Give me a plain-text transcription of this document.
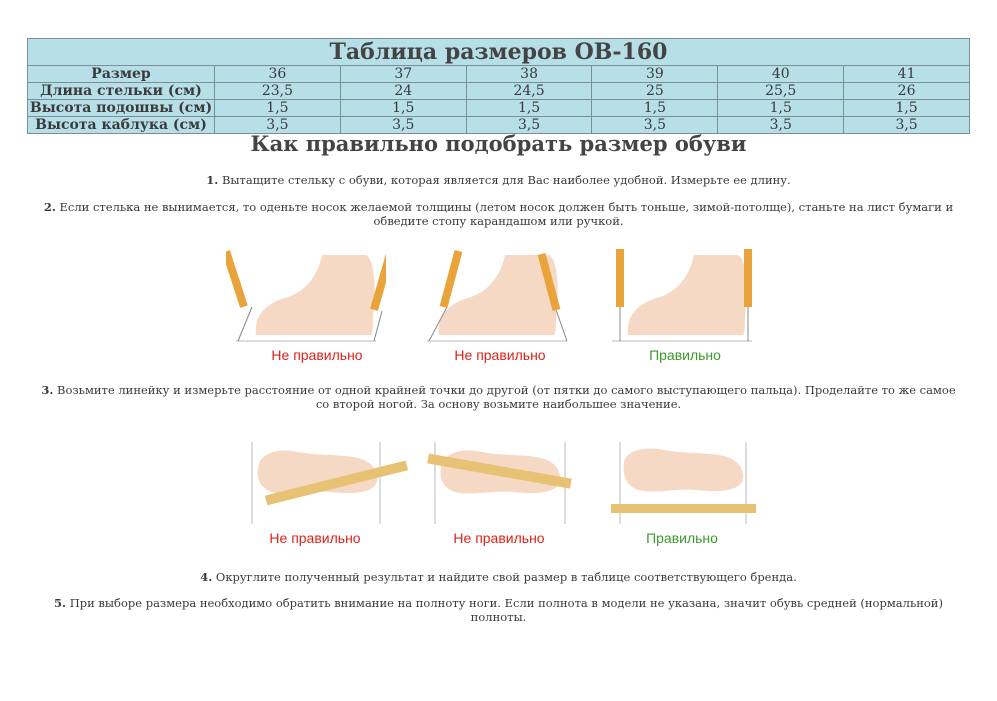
Таблица размеров ОВ-160						
Размер	36	37	38	39	40	41
Длина стельки (см)	23,5	24	24,5	25	25,5	26
Высота подошвы (см)	1,5	1,5	1,5	1,5	1,5	1,5
Высота каблука (см)	3,5	3,5	3,5	3,5	3,5	3,5
Как правильно подобрать размер обуви
1. Вытащите стельку с обуви, которая является для Вас наиболее удобной. Измерьте ее длину.
2. Если стелька не вынимается, то оденьте носок желаемой толщины (летом носок должен быть тоньше, зимой-потолще), станьте на лист бумаги и обведите стопу карандашом или ручкой.
Не правильно	Не правильно	Правильно
3. Возьмите линейку и измерьте расстояние от одной крайней точки до другой (от пятки до самого выступающего пальца). Проделайте то же самое со второй ногой. За основу возьмите наибольшее значение.
Не правильно	Не правильно	Правильно
4. Округлите полученный результат и найдите свой размер в таблице соответствующего бренда.
5. При выборе размера необходимо обратить внимание на полноту ноги. Если полнота в модели не указана, значит обувь средней (нормальной) полноты.
